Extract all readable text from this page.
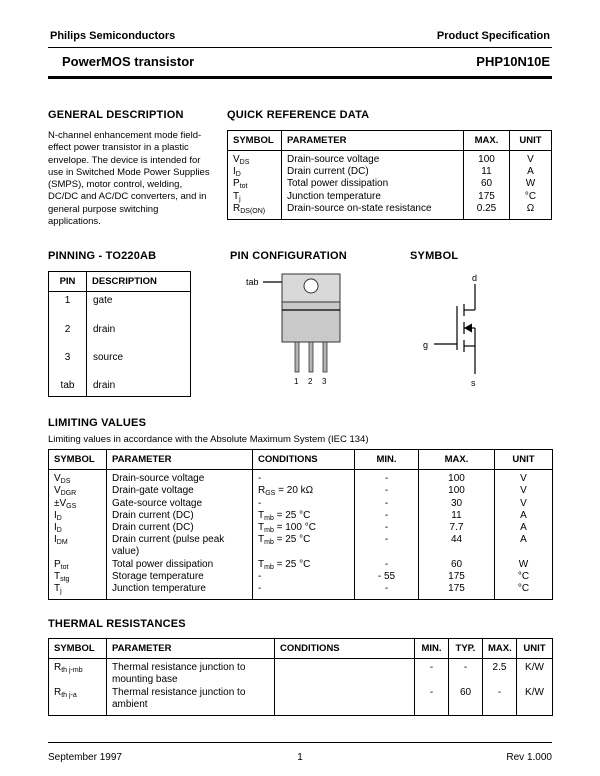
Philips Semiconductors	Product Specification
PowerMOS transistor	PHP10N10E
GENERAL DESCRIPTION
N-channel enhancement mode field-effect power transistor in a plastic envelope. The device is intended for use in Switched Mode Power Supplies (SMPS), motor control, welding, DC/DC and AC/DC converters, and in general purpose switching applications.
QUICK REFERENCE DATA
SYMBOL	PARAMETER	MAX.	UNIT
$V_{DS}$	Drain-source voltage	100	V
$I_D$	Drain current (DC)	11	A
$P_{tot}$	Total power dissipation	60	W
$T_j$	Junction temperature	175	°C
$R_{DS(ON)}$	Drain-source on-state resistance	0.25	Ω
PINNING - TO220AB
PIN	DESCRIPTION
1	gate
2	drain
3	source
tab	drain
PIN CONFIGURATION
tab
1 2 3
SYMBOL
d
g
s
LIMITING VALUES
Limiting values in accordance with the Absolute Maximum System (IEC 134)
SYMBOL	PARAMETER	CONDITIONS	MIN.	MAX.	UNIT
$V_{DS}$	Drain-source voltage	-	-	100	V
$V_{DGR}$	Drain-gate voltage	$R_{GS} = 20$ kΩ	-	100	V
$\pm V_{GS}$	Gate-source voltage	-	-	30	V
$I_D$	Drain current (DC)	$T_{mb} = 25$ °C	-	11	A
$I_D$	Drain current (DC)	$T_{mb} = 100$ °C	-	7.7	A
$I_{DM}$	Drain current (pulse peak value)	$T_{mb} = 25$ °C	-	44	A
$P_{tot}$	Total power dissipation	$T_{mb} = 25$ °C	-	60	W
$T_{stg}$	Storage temperature	-	- 55	175	°C
$T_j$	Junction temperature	-	-	175	°C
THERMAL RESISTANCES
SYMBOL	PARAMETER	CONDITIONS	MIN.	TYP.	MAX.	UNIT
$R_{th j-mb}$	Thermal resistance junction to mounting base		-	-	2.5	K/W
$R_{th j-a}$	Thermal resistance junction to ambient		-	60	-	K/W
September 1997	1	Rev 1.000
